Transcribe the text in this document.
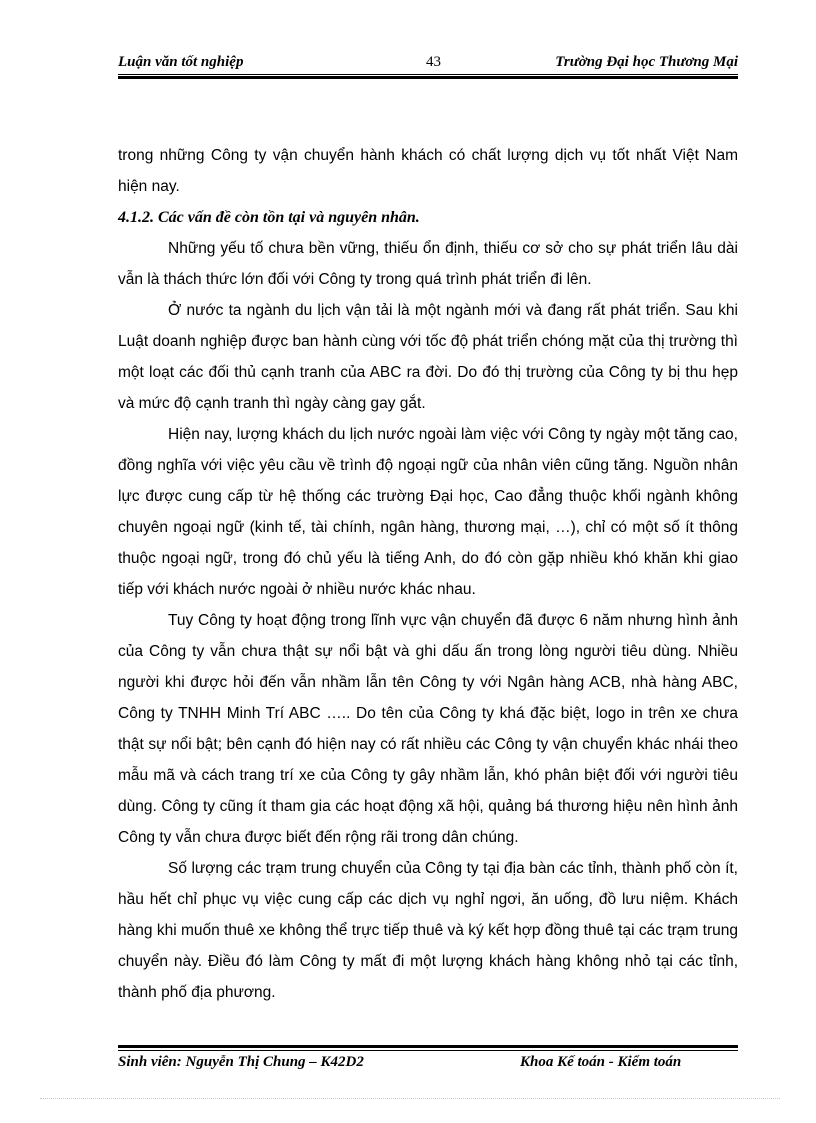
Luận văn tốt nghiệp	43	Trường Đại học Thương Mại

trong những Công ty vận chuyển hành khách có chất lượng dịch vụ tốt nhất Việt Nam hiện nay.

4.1.2. Các vấn đề còn tồn tại và nguyên nhân.

Những yếu tố chưa bền vững, thiếu ổn định, thiếu cơ sở cho sự phát triển lâu dài vẫn là thách thức lớn đối với Công ty trong quá trình phát triển đi lên.

Ở nước ta ngành du lịch vận tải là một ngành mới và đang rất phát triển. Sau khi Luật doanh nghiệp được ban hành cùng với tốc độ phát triển chóng mặt của thị trường thì một loạt các đối thủ cạnh tranh của ABC ra đời. Do đó thị trường của Công ty bị thu hẹp và mức độ cạnh tranh thì ngày càng gay gắt.

Hiện nay, lượng khách du lịch nước ngoài làm việc với Công ty ngày một tăng cao, đồng nghĩa với việc yêu cầu về trình độ ngoại ngữ của nhân viên cũng tăng. Nguồn nhân lực được cung cấp từ hệ thống các trường Đại học, Cao đẳng thuộc khối ngành không chuyên ngoại ngữ (kinh tế, tài chính, ngân hàng, thương mại, …), chỉ có một số ít thông thuộc ngoại ngữ, trong đó chủ yếu là tiếng Anh, do đó còn gặp nhiều khó khăn khi giao tiếp với khách nước ngoài ở nhiều nước khác nhau.

Tuy Công ty hoạt động trong lĩnh vực vận chuyển đã được 6 năm nhưng hình ảnh của Công ty vẫn chưa thật sự nổi bật và ghi dấu ấn trong lòng người tiêu dùng. Nhiều người khi được hỏi đến vẫn nhầm lẫn tên Công ty với Ngân hàng ACB, nhà hàng ABC, Công ty TNHH Minh Trí ABC ….. Do tên của Công ty khá đặc biệt, logo in trên xe chưa thật sự nổi bật; bên cạnh đó hiện nay có rất nhiều các Công ty vận chuyển khác nhái theo mẫu mã và cách trang trí xe của Công ty gây nhầm lẫn, khó phân biệt đối với người tiêu dùng. Công ty cũng ít tham gia các hoạt động xã hội, quảng bá thương hiệu nên hình ảnh Công ty vẫn chưa được biết đến rộng rãi trong dân chúng.

Số lượng các trạm trung chuyển của Công ty tại địa bàn các tỉnh, thành phố còn ít, hầu hết chỉ phục vụ việc cung cấp các dịch vụ nghỉ ngơi, ăn uống, đồ lưu niệm. Khách hàng khi muốn thuê xe không thể trực tiếp thuê và ký kết hợp đồng thuê tại các trạm trung chuyển này. Điều đó làm Công ty mất đi một lượng khách hàng không nhỏ tại các tỉnh, thành phố địa phương.

Sinh viên: Nguyễn Thị Chung – K42D2	Khoa Kế toán - Kiểm toán
